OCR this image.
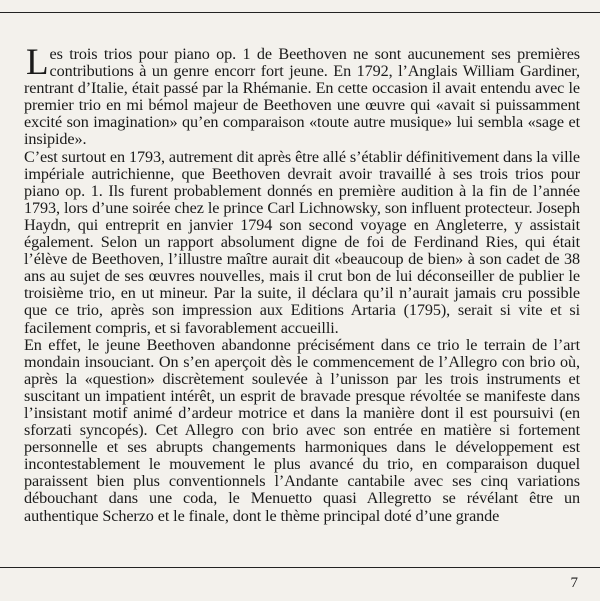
Les trois trios pour piano op. 1 de Beethoven ne sont aucunement ses premières contributions à un genre encorr fort jeune. En 1792, l’Anglais William Gardiner, rentrant d’Italie, était passé par la Rhémanie. En cette occasion il avait entendu avec le premier trio en mi bémol majeur de Beethoven une œuvre qui «avait si puissamment excité son imagination» qu’en comparaison «toute autre musique» lui sembla «sage et insipide».

C’est surtout en 1793, autrement dit après être allé s’établir définitivement dans la ville impériale autrichienne, que Beethoven devrait avoir travaillé à ses trois trios pour piano op. 1. Ils furent probablement donnés en première audition à la fin de l’année 1793, lors d’une soirée chez le prince Carl Lichnowsky, son influent protecteur. Joseph Haydn, qui entreprit en janvier 1794 son second voyage en Angleterre, y assistait également. Selon un rapport absolument digne de foi de Ferdinand Ries, qui était l’élève de Beethoven, l’illustre maître aurait dit «beaucoup de bien» à son cadet de 38 ans au sujet de ses œuvres nouvelles, mais il crut bon de lui déconseiller de publier le troisième trio, en ut mineur. Par la suite, il déclara qu’il n’aurait jamais cru possible que ce trio, après son impression aux Editions Artaria (1795), serait si vite et si facilement compris, et si favorablement accueilli.

En effet, le jeune Beethoven abandonne précisément dans ce trio le terrain de l’art mondain insouciant. On s’en aperçoit dès le commencement de l’Allegro con brio où, après la «question» discrètement soulevée à l’unisson par les trois instruments et suscitant un impatient intérêt, un esprit de bravade presque révoltée se manifeste dans l’insistant motif animé d’ardeur motrice et dans la manière dont il est poursuivi (en sforzati syncopés). Cet Allegro con brio avec son entrée en matière si fortement personnelle et ses abrupts changements harmoniques dans le développement est incontestablement le mouvement le plus avancé du trio, en comparaison duquel paraissent bien plus conventionnels l’Andante cantabile avec ses cinq variations débouchant dans une coda, le Menuetto quasi Allegretto se révélant être un authentique Scherzo et le finale, dont le thème principal doté d’une grande

7
